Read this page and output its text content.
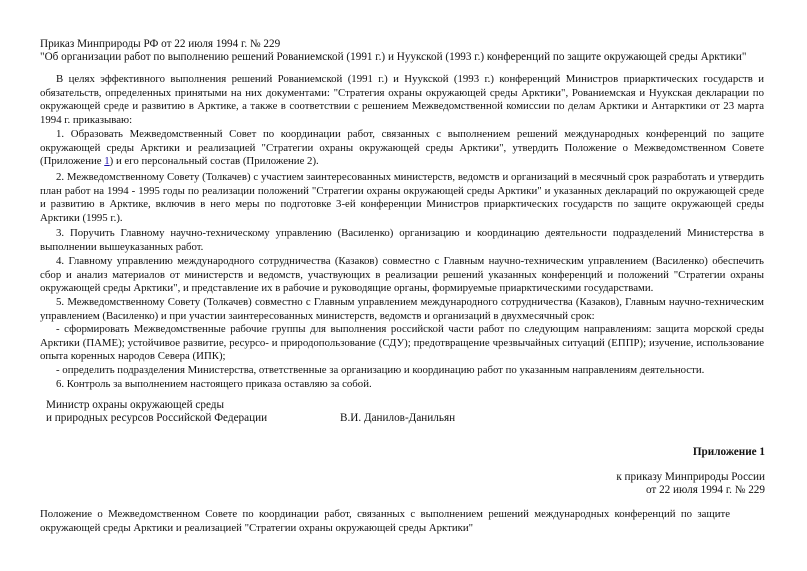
Приказ Минприроды РФ от 22 июля 1994 г. № 229
"Об организации работ по выполнению решений Рованиемской (1991 г.) и Нуукской (1993 г.) конференций по защите окружающей среды Арктики"
В целях эффективного выполнения решений Рованиемской (1991 г.) и Нуукской (1993 г.) конференций Министров приарктических государств и обязательств, определенных принятыми на них документами: "Стратегия охраны окружающей среды Арктики", Рованиемская и Нуукская декларации по окружающей среде и развитию в Арктике, а также в соответствии с решением Межведомственной комиссии по делам Арктики и Антарктики от 23 марта 1994 г. приказываю:
1. Образовать Межведомственный Совет по координации работ, связанных с выполнением решений международных конференций по защите окружающей среды Арктики и реализацией "Стратегии охраны окружающей среды Арктики", утвердить Положение о Межведомственном Совете (Приложение 1) и его персональный состав (Приложение 2).
2. Межведомственному Совету (Толкачев) с участием заинтересованных министерств, ведомств и организаций в месячный срок разработать и утвердить план работ на 1994 - 1995 годы по реализации положений "Стратегии охраны окружающей среды Арктики" и указанных деклараций по окружающей среде и развитию в Арктике, включив в него меры по подготовке 3-ей конференции Министров приарктических государств по защите окружающей среды Арктики (1995 г.).
3. Поручить Главному научно-техническому управлению (Василенко) организацию и координацию деятельности подразделений Министерства в выполнении вышеуказанных работ.
4. Главному управлению международного сотрудничества (Казаков) совместно с Главным научно-техническим управлением (Василенко) обеспечить сбор и анализ материалов от министерств и ведомств, участвующих в реализации решений указанных конференций и положений "Стратегии охраны окружающей среды Арктики", и представление их в рабочие и руководящие органы, формируемые приарктическими государствами.
5. Межведомственному Совету (Толкачев) совместно с Главным управлением международного сотрудничества (Казаков), Главным научно-техническим управлением (Василенко) и при участии заинтересованных министерств, ведомств и организаций в двухмесячный срок:
- сформировать Межведомственные рабочие группы для выполнения российской части работ по следующим направлениям: защита морской среды Арктики (ПАМЕ); устойчивое развитие, ресурсо- и природопользование (СДУ); предотвращение чрезвычайных ситуаций (ЕППР); изучение, использование опыта коренных народов Севера (ИПК);
- определить подразделения Министерства, ответственные за организацию и координацию работ по указанным направлениям деятельности.
6. Контроль за выполнением настоящего приказа оставляю за собой.
Министр охраны окружающей среды
и природных ресурсов Российской Федерации	В.И. Данилов-Данильян
Приложение 1
к приказу Минприроды России
от 22 июля 1994 г. № 229
Положение о Межведомственном Совете по координации работ, связанных с выполнением решений международных конференций по защите окружающей среды Арктики и реализацией "Стратегии охраны окружающей среды Арктики"
